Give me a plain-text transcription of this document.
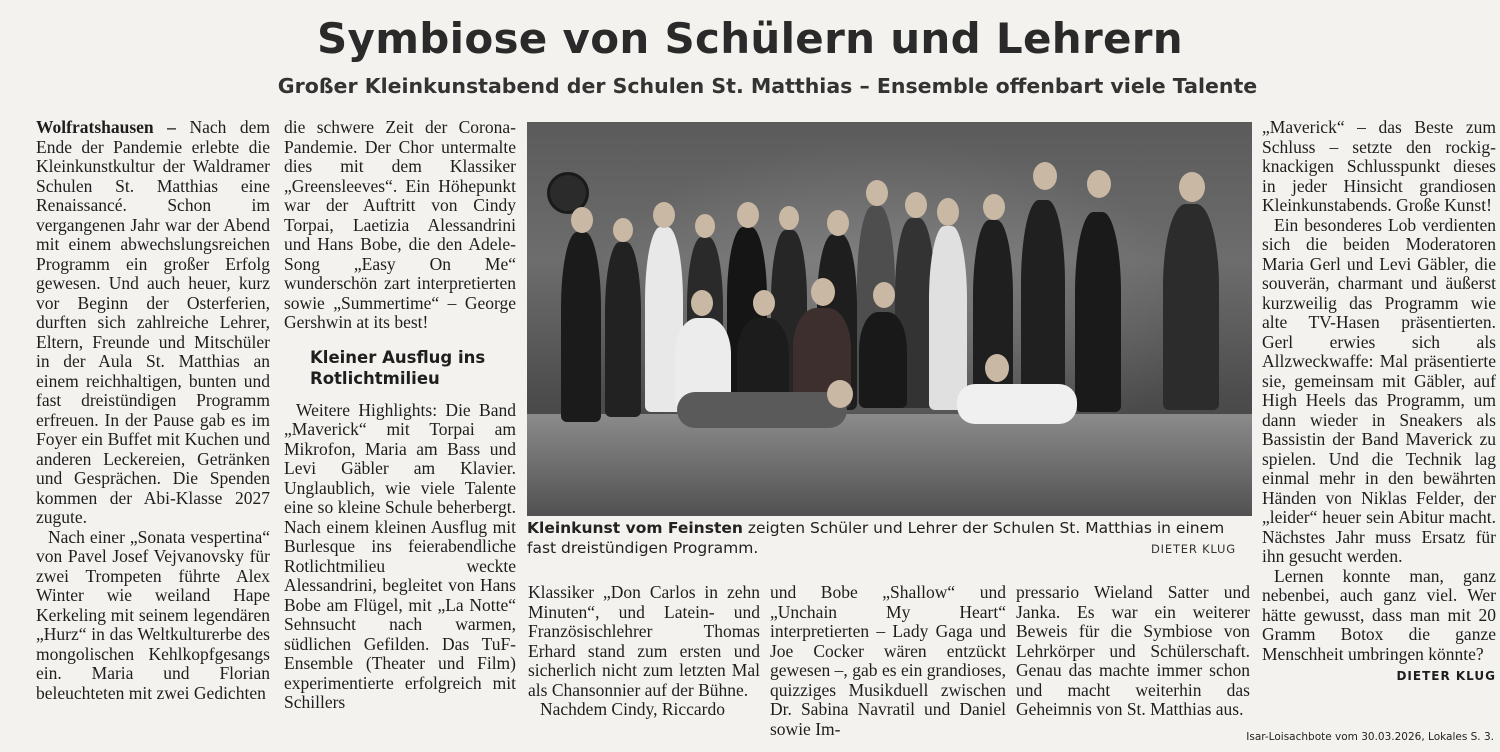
Symbiose von Schülern und Lehrern
Großer Kleinkunstabend der Schulen St. Matthias – Ensemble offenbart viele Talente

Wolfratshausen – Nach dem Ende der Pandemie erlebte die Kleinkunstkultur der Waldramer Schulen St. Matthias eine Renaissancé. Schon im vergangenen Jahr war der Abend mit einem abwechslungsreichen Programm ein großer Erfolg gewesen. Und auch heuer, kurz vor Beginn der Osterferien, durften sich zahlreiche Lehrer, Eltern, Freunde und Mitschüler in der Aula St. Matthias an einem reichhaltigen, bunten und fast dreistündigen Programm erfreuen. In der Pause gab es im Foyer ein Buffet mit Kuchen und anderen Leckereien, Getränken und Gesprächen. Die Spenden kommen der Abi-Klasse 2027 zugute.

Nach einer „Sonata vespertina“ von Pavel Josef Vejvanovsky für zwei Trompeten führte Alex Winter wie weiland Hape Kerkeling mit seinem legendären „Hurz“ in das Weltkulturerbe des mongolischen Kehlkopfgesangs ein. Maria und Florian beleuchteten mit zwei Gedichten

die schwere Zeit der Corona-Pandemie. Der Chor untermalte dies mit dem Klassiker „Greensleeves“. Ein Höhepunkt war der Auftritt von Cindy Torpai, Laetizia Alessandrini und Hans Bobe, die den Adele-Song „Easy On Me“ wunderschön zart interpretierten sowie „Summertime“ – George Gershwin at its best!

Kleiner Ausflug ins Rotlichtmilieu

Weitere Highlights: Die Band „Maverick“ mit Torpai am Mikrofon, Maria am Bass und Levi Gäbler am Klavier. Unglaublich, wie viele Talente eine so kleine Schule beherbergt. Nach einem kleinen Ausflug mit Burlesque ins feierabendliche Rotlichtmilieu weckte Alessandrini, begleitet von Hans Bobe am Flügel, mit „La Notte“ Sehnsucht nach warmen, südlichen Gefilden. Das TuF-Ensemble (Theater und Film) experimentierte erfolgreich mit Schillers

Kleinkunst vom Feinsten zeigten Schüler und Lehrer der Schulen St. Matthias in einem fast dreistündigen Programm.	DIETER KLUG

Klassiker „Don Carlos in zehn Minuten“, und Latein- und Französischlehrer Thomas Erhard stand zum ersten und sicherlich nicht zum letzten Mal als Chansonnier auf der Bühne.

Nachdem Cindy, Riccardo

und Bobe „Shallow“ und „Unchain My Heart“ interpretierten – Lady Gaga und Joe Cocker wären entzückt gewesen –, gab es ein grandioses, quizziges Musikduell zwischen Dr. Sabina Navratil und Daniel sowie Im-

pressario Wieland Satter und Janka. Es war ein weiterer Beweis für die Symbiose von Lehrkörper und Schülerschaft. Genau das machte immer schon und macht weiterhin das Geheimnis von St. Matthias aus.

„Maverick“ – das Beste zum Schluss – setzte den rockig-knackigen Schlusspunkt dieses in jeder Hinsicht grandiosen Kleinkunstabends. Große Kunst!

Ein besonderes Lob verdienten sich die beiden Moderatoren Maria Gerl und Levi Gäbler, die souverän, charmant und äußerst kurzweilig das Programm wie alte TV-Hasen präsentierten. Gerl erwies sich als Allzweckwaffe: Mal präsentierte sie, gemeinsam mit Gäbler, auf High Heels das Programm, um dann wieder in Sneakers als Bassistin der Band Maverick zu spielen. Und die Technik lag einmal mehr in den bewährten Händen von Niklas Felder, der „leider“ heuer sein Abitur macht. Nächstes Jahr muss Ersatz für ihn gesucht werden.

Lernen konnte man, ganz nebenbei, auch ganz viel. Wer hätte gewusst, dass man mit 20 Gramm Botox die ganze Menschheit umbringen könnte?
DIETER KLUG

Isar-Loisachbote vom 30.03.2026, Lokales S. 3.
